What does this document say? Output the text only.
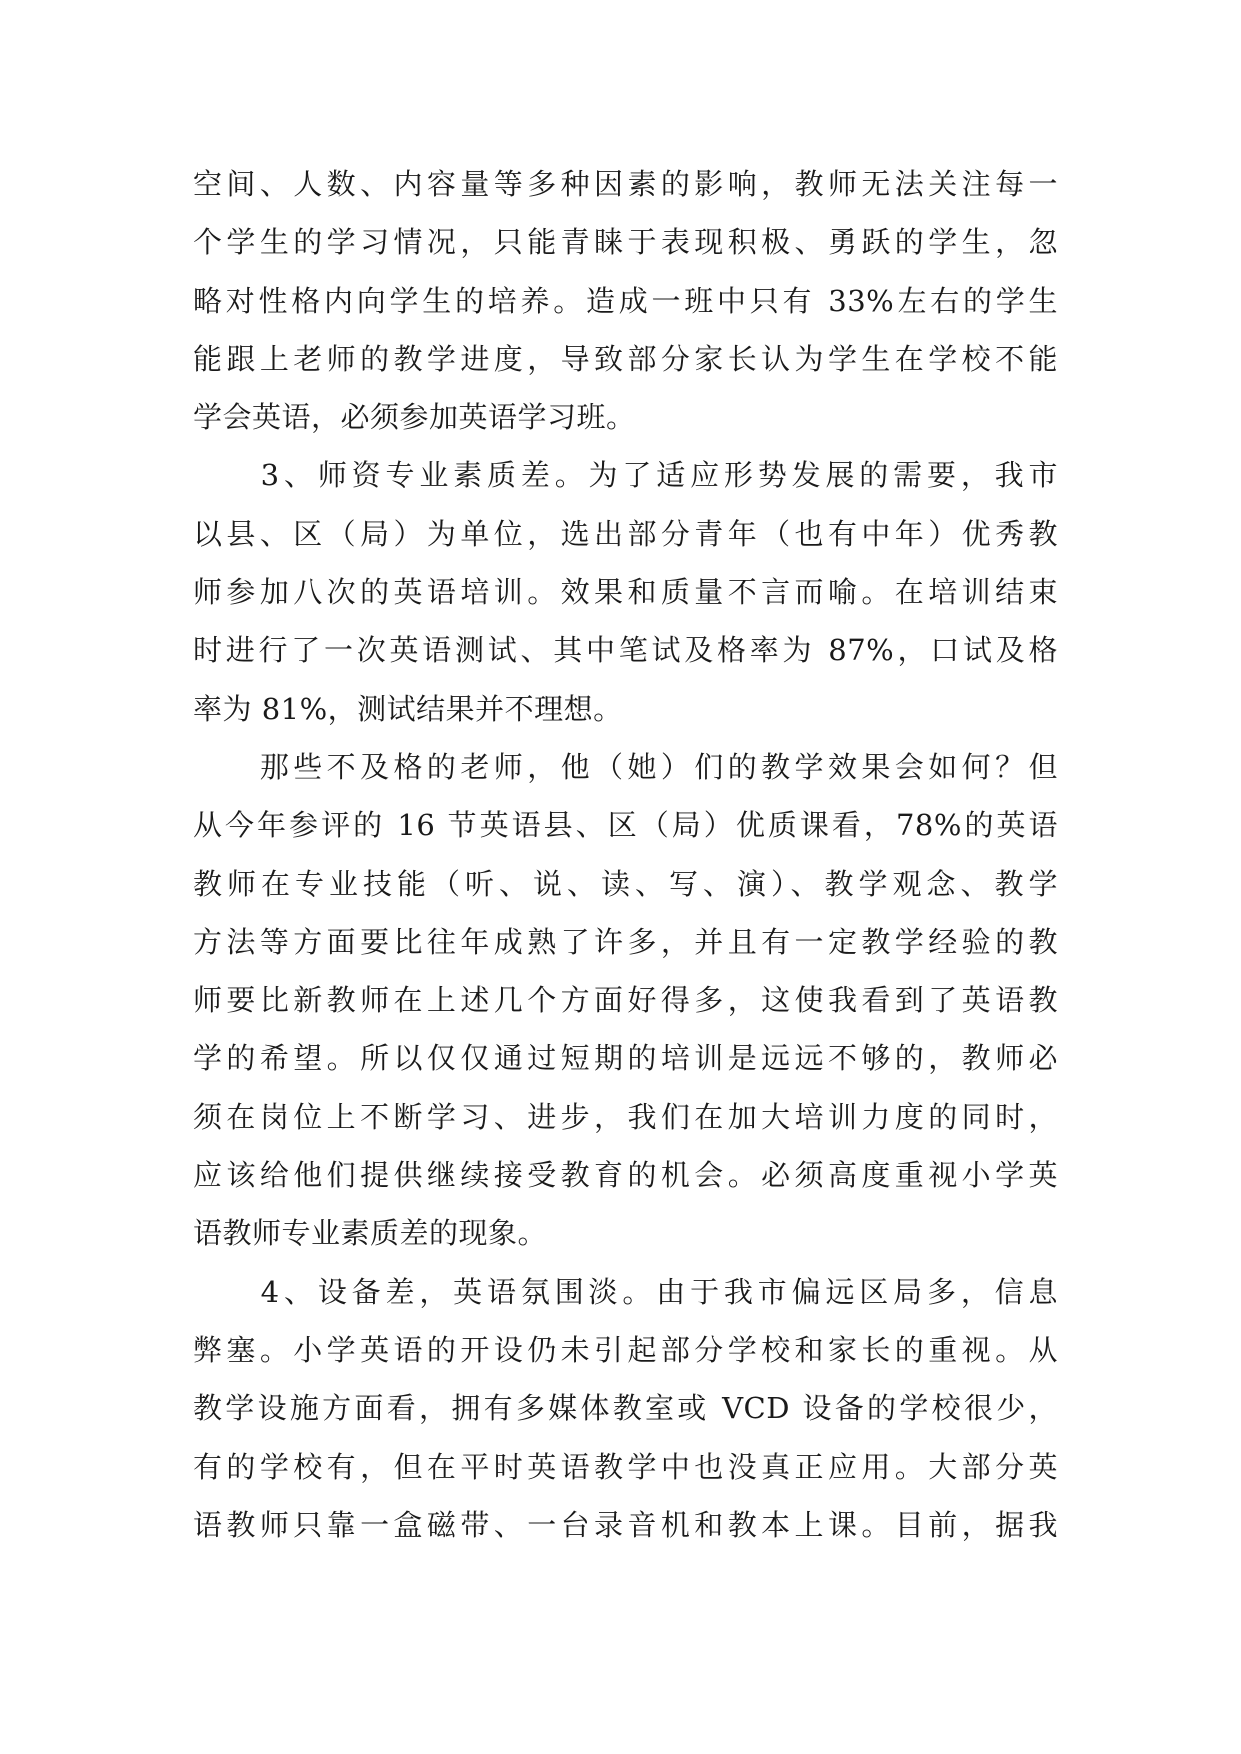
空间、人数、内容量等多种因素的影响，教师无法关注每一
个学生的学习情况，只能青睐于表现积极、勇跃的学生，忽
略对性格内向学生的培养。造成一班中只有 33%左右的学生
能跟上老师的教学进度，导致部分家长认为学生在学校不能
学会英语，必须参加英语学习班。
　　3、师资专业素质差。为了适应形势发展的需要，我市
以县、区（局）为单位，选出部分青年（也有中年）优秀教
师参加八次的英语培训。效果和质量不言而喻。在培训结束
时进行了一次英语测试、其中笔试及格率为 87%，口试及格
率为 81%，测试结果并不理想。
　　那些不及格的老师，他（她）们的教学效果会如何？但
从今年参评的 16 节英语县、区（局）优质课看，78%的英语
教师在专业技能（听、说、读、写、演）、教学观念、教学
方法等方面要比往年成熟了许多，并且有一定教学经验的教
师要比新教师在上述几个方面好得多，这使我看到了英语教
学的希望。所以仅仅通过短期的培训是远远不够的，教师必
须在岗位上不断学习、进步，我们在加大培训力度的同时，
应该给他们提供继续接受教育的机会。必须高度重视小学英
语教师专业素质差的现象。
　　4、设备差，英语氛围淡。由于我市偏远区局多，信息
弊塞。小学英语的开设仍未引起部分学校和家长的重视。从
教学设施方面看，拥有多媒体教室或 VCD 设备的学校很少，
有的学校有，但在平时英语教学中也没真正应用。大部分英
语教师只靠一盒磁带、一台录音机和教本上课。目前，据我
